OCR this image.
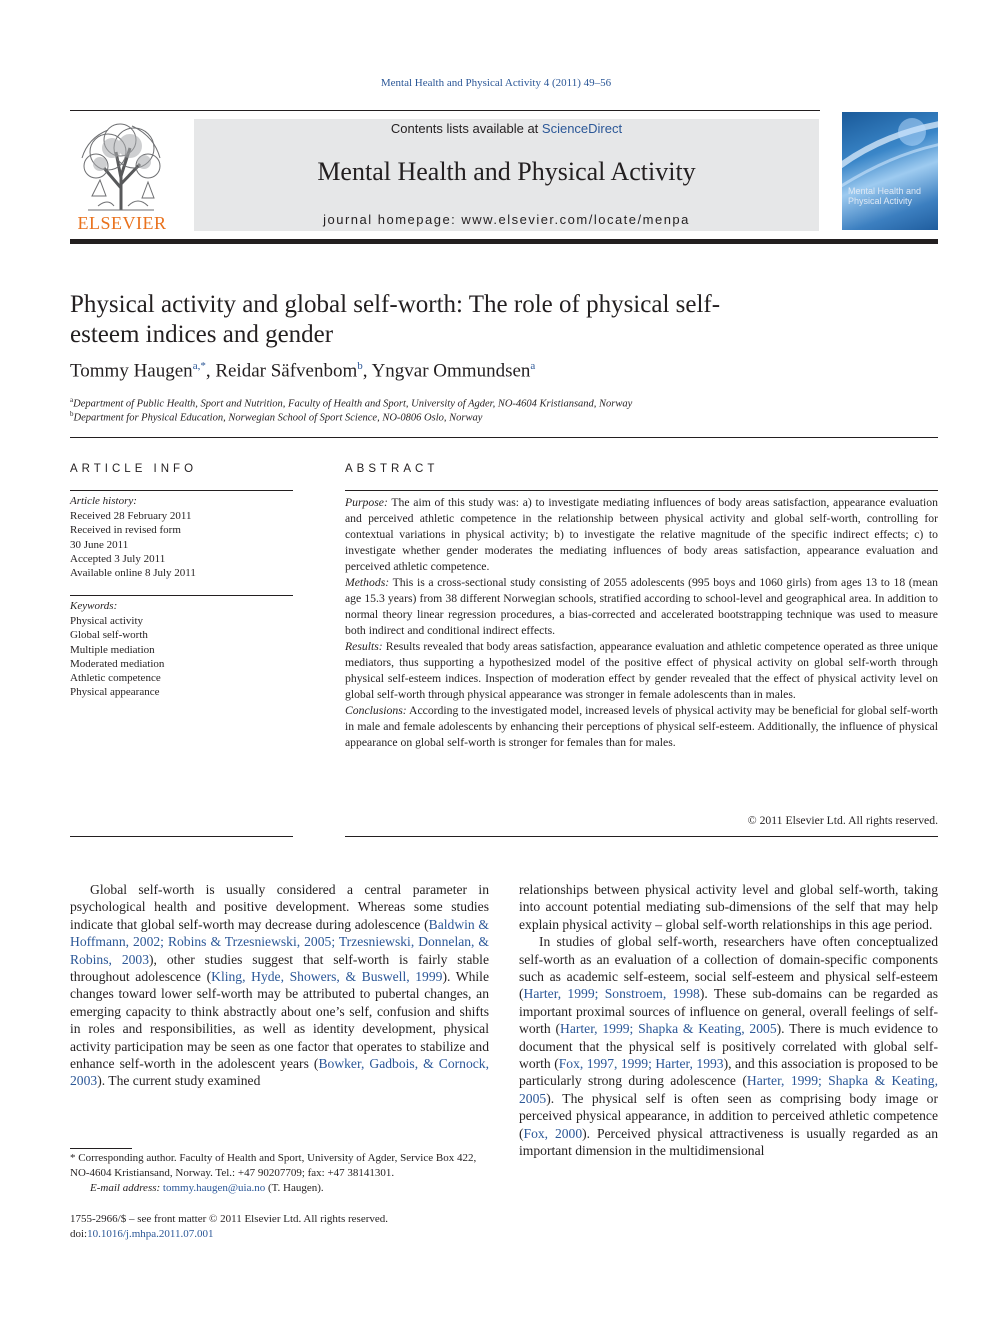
Mental Health and Physical Activity 4 (2011) 49–56
ELSEVIER
Contents lists available at ScienceDirect
Mental Health and Physical Activity
journal homepage: www.elsevier.com/locate/menpa
Mental Health and Physical Activity
Physical activity and global self-worth: The role of physical self-esteem indices and gender
Tommy Haugen$^{a,*}$, Reidar Säfvenbom$^b$, Yngvar Ommundsen$^a$
$^a$Department of Public Health, Sport and Nutrition, Faculty of Health and Sport, University of Agder, NO-4604 Kristiansand, Norway
$^b$Department for Physical Education, Norwegian School of Sport Science, NO-0806 Oslo, Norway
ARTICLE INFO
Article history:
Received 28 February 2011
Received in revised form
30 June 2011
Accepted 3 July 2011
Available online 8 July 2011
Keywords:
Physical activity
Global self-worth
Multiple mediation
Moderated mediation
Athletic competence
Physical appearance
ABSTRACT

Purpose: The aim of this study was: a) to investigate mediating influences of body areas satisfaction, appearance evaluation and perceived athletic competence in the relationship between physical activity and global self-worth, controlling for contextual variations in physical activity; b) to investigate the relative magnitude of the specific indirect effects; c) to investigate whether gender moderates the mediating influences of body areas satisfaction, appearance evaluation and perceived athletic competence.

Methods: This is a cross-sectional study consisting of 2055 adolescents (995 boys and 1060 girls) from ages 13 to 18 (mean age 15.3 years) from 38 different Norwegian schools, stratified according to school-level and geographical area. In addition to normal theory linear regression procedures, a bias-corrected and accelerated bootstrapping technique was used to measure both indirect and conditional indirect effects.

Results: Results revealed that body areas satisfaction, appearance evaluation and athletic competence operated as three unique mediators, thus supporting a hypothesized model of the positive effect of physical activity on global self-worth through physical self-esteem indices. Inspection of moderation effect by gender revealed that the effect of physical activity level on global self-worth through physical appearance was stronger in female adolescents than in males.

Conclusions: According to the investigated model, increased levels of physical activity may be beneficial for global self-worth in male and female adolescents by enhancing their perceptions of physical self-esteem. Additionally, the influence of physical appearance on global self-worth is stronger for females than for males.

© 2011 Elsevier Ltd. All rights reserved.

Global self-worth is usually considered a central parameter in psychological health and positive development. Whereas some studies indicate that global self-worth may decrease during adolescence (Baldwin & Hoffmann, 2002; Robins & Trzesniewski, 2005; Trzesniewski, Donnelan, & Robins, 2003), other studies suggest that self-worth is fairly stable throughout adolescence (Kling, Hyde, Showers, & Buswell, 1999). While changes toward lower self-worth may be attributed to pubertal changes, an emerging capacity to think abstractly about one’s self, confusion and shifts in roles and responsibilities, as well as identity development, physical activity participation may be seen as one factor that operates to stabilize and enhance self-worth in the adolescent years (Bowker, Gadbois, & Cornock, 2003). The current study examined

relationships between physical activity level and global self-worth, taking into account potential mediating sub-dimensions of the self that may help explain physical activity – global self-worth relationships in this age period.

In studies of global self-worth, researchers have often conceptualized self-worth as an evaluation of a collection of domain-specific components such as academic self-esteem, social self-esteem and physical self-esteem (Harter, 1999; Sonstroem, 1998). These sub-domains can be regarded as important proximal sources of influence on general, overall feelings of self-worth (Harter, 1999; Shapka & Keating, 2005). There is much evidence to document that the physical self is positively correlated with global self-worth (Fox, 1997, 1999; Harter, 1993), and this association is proposed to be particularly strong during adolescence (Harter, 1999; Shapka & Keating, 2005). The physical self is often seen as comprising body image or perceived physical appearance, in addition to perceived athletic competence (Fox, 2000). Perceived physical attractiveness is usually regarded as an important dimension in the multidimensional

* Corresponding author. Faculty of Health and Sport, University of Agder, Service Box 422, NO-4604 Kristiansand, Norway. Tel.: +47 90207709; fax: +47 38141301.
E-mail address: tommy.haugen@uia.no (T. Haugen).
1755-2966/$ – see front matter © 2011 Elsevier Ltd. All rights reserved.
doi:10.1016/j.mhpa.2011.07.001
